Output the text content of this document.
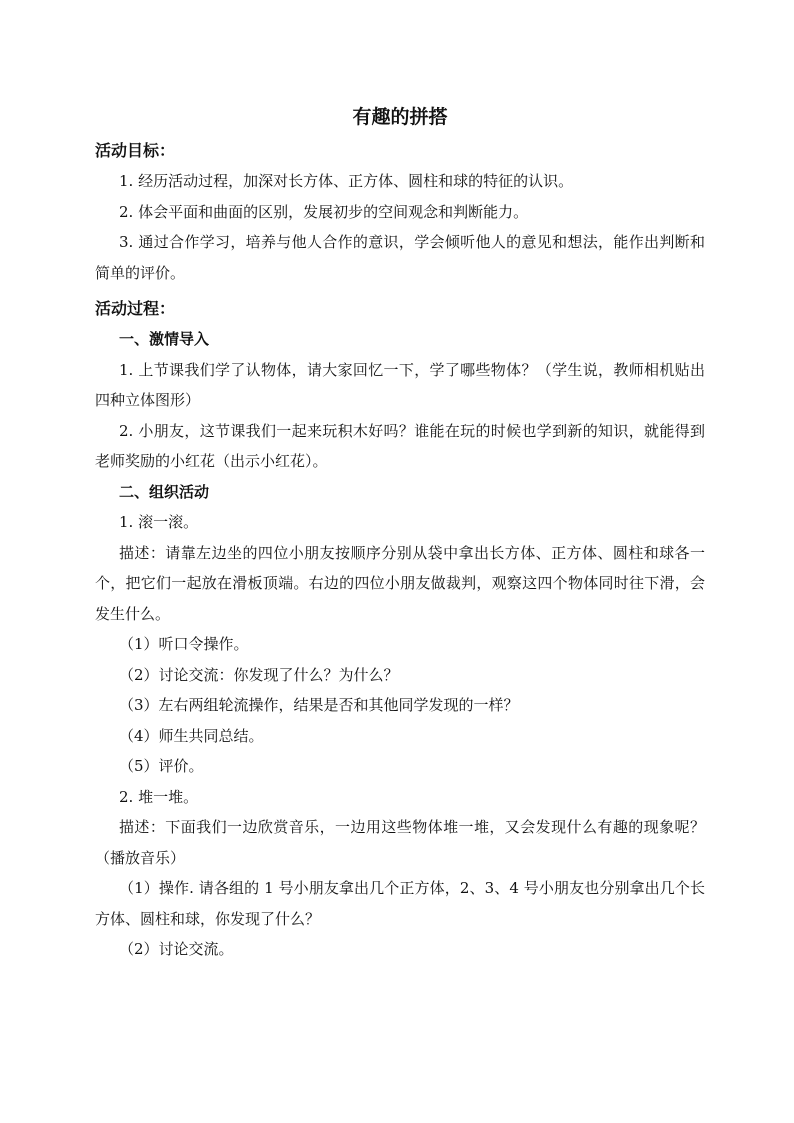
有趣的拼搭
活动目标：

1. 经历活动过程，加深对长方体、正方体、圆柱和球的特征的认识。

2. 体会平面和曲面的区别，发展初步的空间观念和判断能力。

3. 通过合作学习，培养与他人合作的意识，学会倾听他人的意见和想法，能作出判断和简单的评价。

活动过程：
一、激情导入

1. 上节课我们学了认物体，请大家回忆一下，学了哪些物体？（学生说，教师相机贴出四种立体图形）

2. 小朋友，这节课我们一起来玩积木好吗？谁能在玩的时候也学到新的知识，就能得到老师奖励的小红花（出示小红花）。

二、组织活动

1. 滚一滚。

描述：请靠左边坐的四位小朋友按顺序分别从袋中拿出长方体、正方体、圆柱和球各一个，把它们一起放在滑板顶端。右边的四位小朋友做裁判，观察这四个物体同时往下滑，会发生什么。

（1）听口令操作。

（2）讨论交流：你发现了什么？为什么？

（3）左右两组轮流操作，结果是否和其他同学发现的一样？

（4）师生共同总结。

（5）评价。

2. 堆一堆。

描述：下面我们一边欣赏音乐，一边用这些物体堆一堆，又会发现什么有趣的现象呢？（播放音乐）

（1）操作. 请各组的 1 号小朋友拿出几个正方体，2、3、4 号小朋友也分别拿出几个长方体、圆柱和球，你发现了什么？

（2）讨论交流。
